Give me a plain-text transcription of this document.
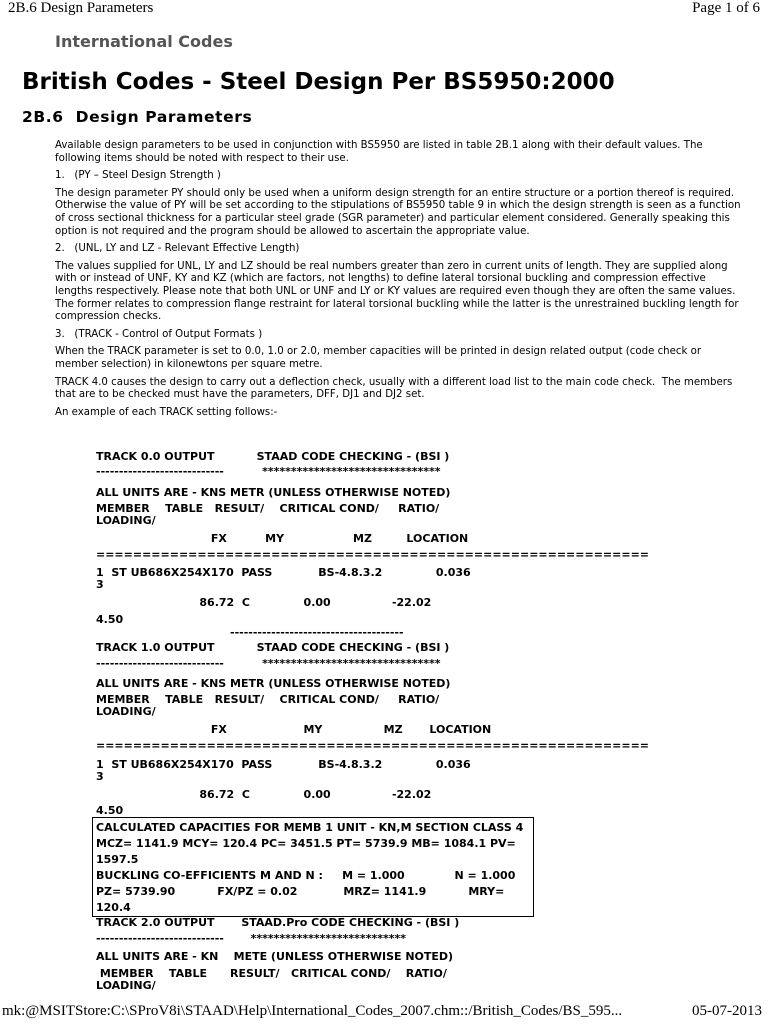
2B.6 Design Parameters	Page 1 of 6
International Codes
British Codes - Steel Design Per BS5950:2000
2B.6  Design Parameters

Available design parameters to be used in conjunction with BS5950 are listed in table 2B.1 along with their default values. The

following items should be noted with respect to their use.

1.   (PY – Steel Design Strength )

The design parameter PY should only be used when a uniform design strength for an entire structure or a portion thereof is required.

Otherwise the value of PY will be set according to the stipulations of BS5950 table 9 in which the design strength is seen as a function

of cross sectional thickness for a particular steel grade (SGR parameter) and particular element considered. Generally speaking this

option is not required and the program should be allowed to ascertain the appropriate value.

2.   (UNL, LY and LZ - Relevant Effective Length)

The values supplied for UNL, LY and LZ should be real numbers greater than zero in current units of length. They are supplied along

with or instead of UNF, KY and KZ (which are factors, not lengths) to define lateral torsional buckling and compression effective

lengths respectively. Please note that both UNL or UNF and LY or KY values are required even though they are often the same values.

The former relates to compression flange restraint for lateral torsional buckling while the latter is the unrestrained buckling length for

compression checks.

3.   (TRACK - Control of Output Formats )

When the TRACK parameter is set to 0.0, 1.0 or 2.0, member capacities will be printed in design related output (code check or

member selection) in kilonewtons per square metre.

TRACK 4.0 causes the design to carry out a deflection check, usually with a different load list to the main code check.  The members

that are to be checked must have the parameters, DFF, DJ1 and DJ2 set.

An example of each TRACK setting follows:-

TRACK 0.0 OUTPUT           STAAD CODE CHECKING - (BSI )
----------------------------          *******************************
ALL UNITS ARE - KNS METR (UNLESS OTHERWISE NOTED)
MEMBER    TABLE   RESULT/    CRITICAL COND/     RATIO/
LOADING/
FX          MY                  MZ         LOCATION
============================================================
1  ST UB686X254X170  PASS            BS-4.8.3.2              0.036
3
86.72  C              0.00                -22.02
4.50
--------------------------------------
TRACK 1.0 OUTPUT           STAAD CODE CHECKING - (BSI )
----------------------------          *******************************
ALL UNITS ARE - KNS METR (UNLESS OTHERWISE NOTED)
MEMBER    TABLE   RESULT/    CRITICAL COND/     RATIO/
LOADING/
FX                    MY                MZ       LOCATION
============================================================
1  ST UB686X254X170  PASS            BS-4.8.3.2              0.036
3
86.72  C              0.00                -22.02
4.50
CALCULATED CAPACITIES FOR MEMB 1 UNIT - KN,M SECTION CLASS 4
MCZ= 1141.9 MCY= 120.4 PC= 3451.5 PT= 5739.9 MB= 1084.1 PV=
1597.5
BUCKLING CO-EFFICIENTS M AND N :     M = 1.000             N = 1.000
PZ= 5739.90           FX/PZ = 0.02            MRZ= 1141.9           MRY=
120.4
TRACK 2.0 OUTPUT       STAAD.Pro CODE CHECKING - (BSI )
----------------------------       ***************************
ALL UNITS ARE - KN    METE (UNLESS OTHERWISE NOTED)
MEMBER    TABLE      RESULT/   CRITICAL COND/    RATIO/
LOADING/
mk:@MSITStore:C:\SProV8i\STAAD\Help\International_Codes_2007.chm::/British_Codes/BS_595...	05-07-2013
